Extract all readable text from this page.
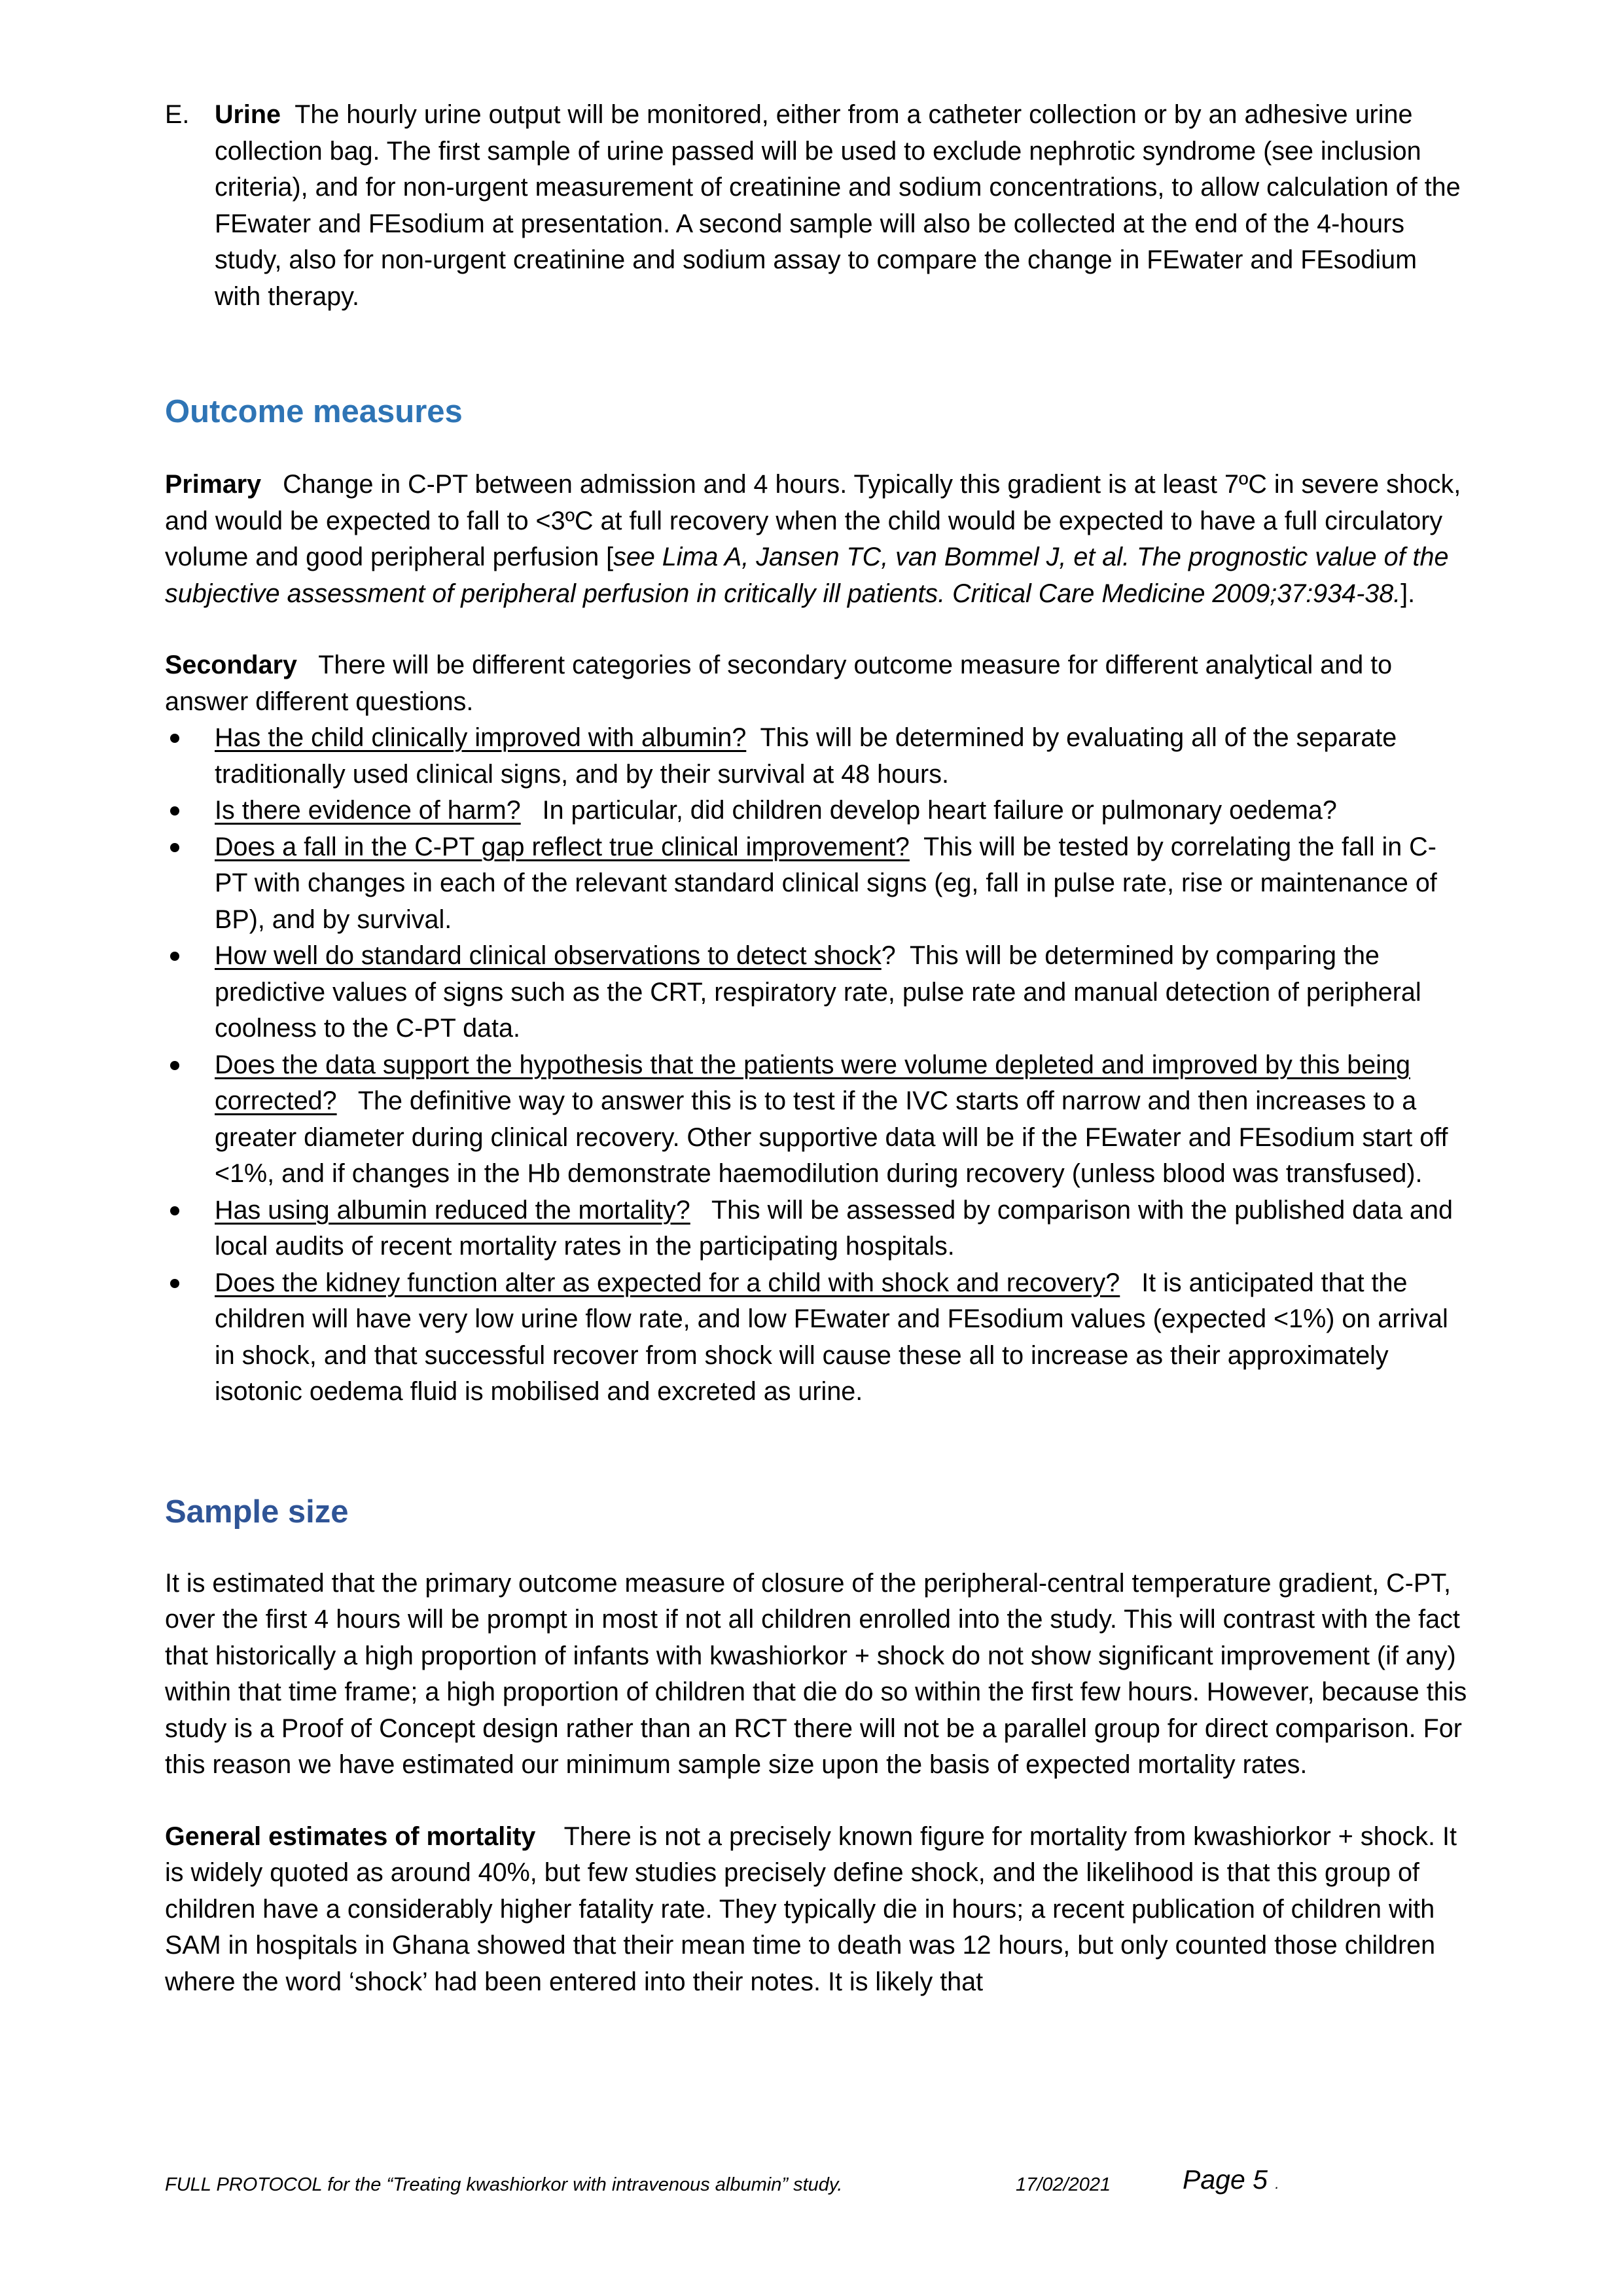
E. Urine The hourly urine output will be monitored, either from a catheter collection or by an adhesive urine collection bag. The first sample of urine passed will be used to exclude nephrotic syndrome (see inclusion criteria), and for non-urgent measurement of creatinine and sodium concentrations, to allow calculation of the FEwater and FEsodium at presentation. A second sample will also be collected at the end of the 4-hours study, also for non-urgent creatinine and sodium assay to compare the change in FEwater and FEsodium with therapy.
Outcome measures

Primary Change in C-PT between admission and 4 hours. Typically this gradient is at least 7ºC in severe shock, and would be expected to fall to <3ºC at full recovery when the child would be expected to have a full circulatory volume and good peripheral perfusion [see Lima A, Jansen TC, van Bommel J, et al. The prognostic value of the subjective assessment of peripheral perfusion in critically ill patients. Critical Care Medicine 2009;37:934-38.].

Secondary There will be different categories of secondary outcome measure for different analytical and to answer different questions.

Has the child clinically improved with albumin? This will be determined by evaluating all of the separate traditionally used clinical signs, and by their survival at 48 hours.
Is there evidence of harm? In particular, did children develop heart failure or pulmonary oedema?
Does a fall in the C-PT gap reflect true clinical improvement? This will be tested by correlating the fall in C-PT with changes in each of the relevant standard clinical signs (eg, fall in pulse rate, rise or maintenance of BP), and by survival.
How well do standard clinical observations to detect shock? This will be determined by comparing the predictive values of signs such as the CRT, respiratory rate, pulse rate and manual detection of peripheral coolness to the C-PT data.
Does the data support the hypothesis that the patients were volume depleted and improved by this being corrected? The definitive way to answer this is to test if the IVC starts off narrow and then increases to a greater diameter during clinical recovery. Other supportive data will be if the FEwater and FEsodium start off <1%, and if changes in the Hb demonstrate haemodilution during recovery (unless blood was transfused).
Has using albumin reduced the mortality? This will be assessed by comparison with the published data and local audits of recent mortality rates in the participating hospitals.
Does the kidney function alter as expected for a child with shock and recovery? It is anticipated that the children will have very low urine flow rate, and low FEwater and FEsodium values (expected <1%) on arrival in shock, and that successful recover from shock will cause these all to increase as their approximately isotonic oedema fluid is mobilised and excreted as urine.
Sample size

It is estimated that the primary outcome measure of closure of the peripheral-central temperature gradient, C-PT, over the first 4 hours will be prompt in most if not all children enrolled into the study. This will contrast with the fact that historically a high proportion of infants with kwashiorkor + shock do not show significant improvement (if any) within that time frame; a high proportion of children that die do so within the first few hours. However, because this study is a Proof of Concept design rather than an RCT there will not be a parallel group for direct comparison. For this reason we have estimated our minimum sample size upon the basis of expected mortality rates.

General estimates of mortality There is not a precisely known figure for mortality from kwashiorkor + shock. It is widely quoted as around 40%, but few studies precisely define shock, and the likelihood is that this group of children have a considerably higher fatality rate. They typically die in hours; a recent publication of children with SAM in hospitals in Ghana showed that their mean time to death was 12 hours, but only counted those children where the word ‘shock’ had been entered into their notes. It is likely that

FULL PROTOCOL for the “Treating kwashiorkor with intravenous albumin” study.	17/02/2021	Page 5 .
